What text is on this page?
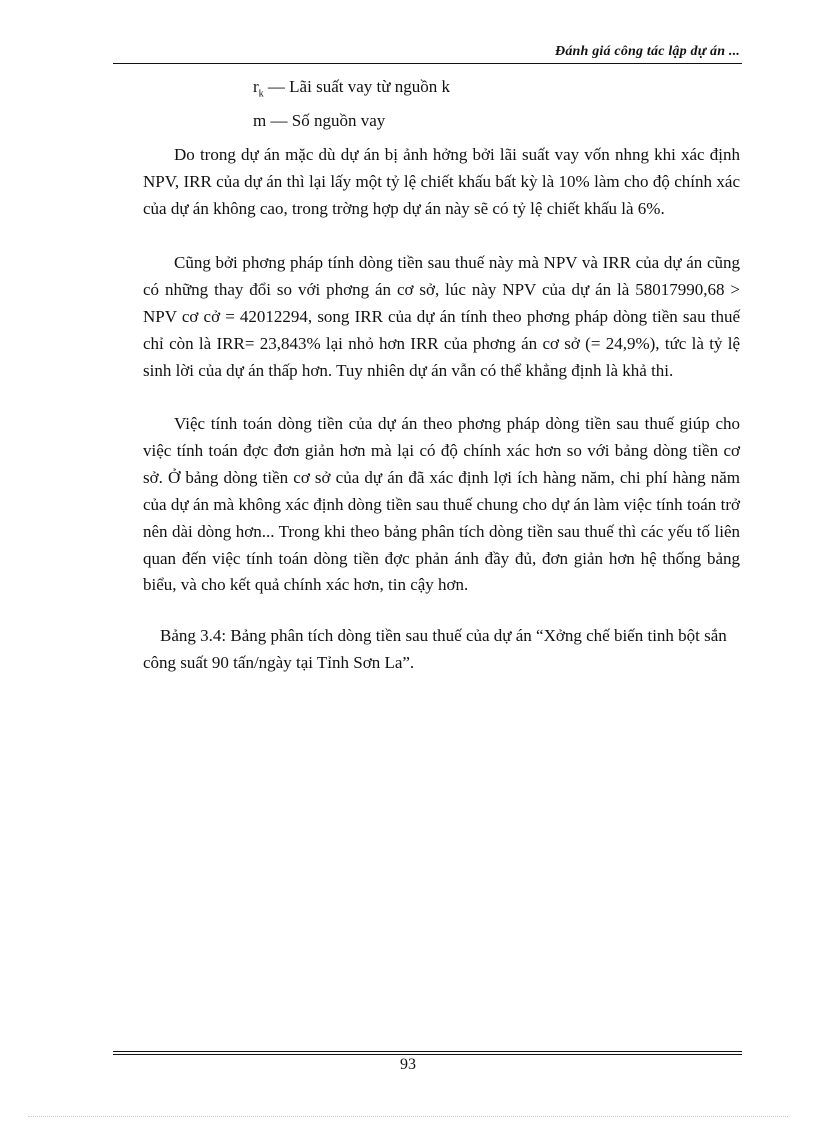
Đánh giá công tác lập dự án ...
$r_k$ — Lãi suất vay từ nguồn k
m — Số nguồn vay

Do trong dự án mặc dù dự án bị ảnh hởng bởi lãi suất vay vốn nhng khi xác định NPV, IRR của dự án thì lại lấy một tỷ lệ chiết khấu bất kỳ là 10% làm cho độ chính xác của dự án không cao, trong trờng hợp dự án này sẽ có tỷ lệ chiết khấu là 6%.

Cũng bởi phơng pháp tính dòng tiền sau thuế này mà NPV và IRR của dự án cũng có những thay đổi so với phơng án cơ sở, lúc này NPV của dự án là 58017990,68 > NPV cơ cở = 42012294, song IRR của dự án tính theo phơng pháp dòng tiền sau thuế chỉ còn là IRR= 23,843% lại nhỏ hơn IRR của phơng án cơ sở (= 24,9%), tức là tỷ lệ sinh lời của dự án thấp hơn. Tuy nhiên dự án vẫn có thể khẳng định là khả thi.

Việc tính toán dòng tiền của dự án theo phơng pháp dòng tiền sau thuế giúp cho việc tính toán đợc đơn giản hơn mà lại có độ chính xác hơn so với bảng dòng tiền cơ sở. Ở bảng dòng tiền cơ sở của dự án đã xác định lợi ích hàng năm, chi phí hàng năm của dự án mà không xác định dòng tiền sau thuế chung cho dự án làm việc tính toán trở nên dài dòng hơn... Trong khi theo bảng phân tích dòng tiền sau thuế thì các yếu tố liên quan đến việc tính toán dòng tiền đợc phản ánh đầy đủ, đơn giản hơn hệ thống bảng biểu, và cho kết quả chính xác hơn, tin cậy hơn.

Bảng 3.4: Bảng phân tích dòng tiền sau thuế của dự án “Xởng chế biến tinh bột sắn công suất 90 tấn/ngày tại Tỉnh Sơn La”.

93
